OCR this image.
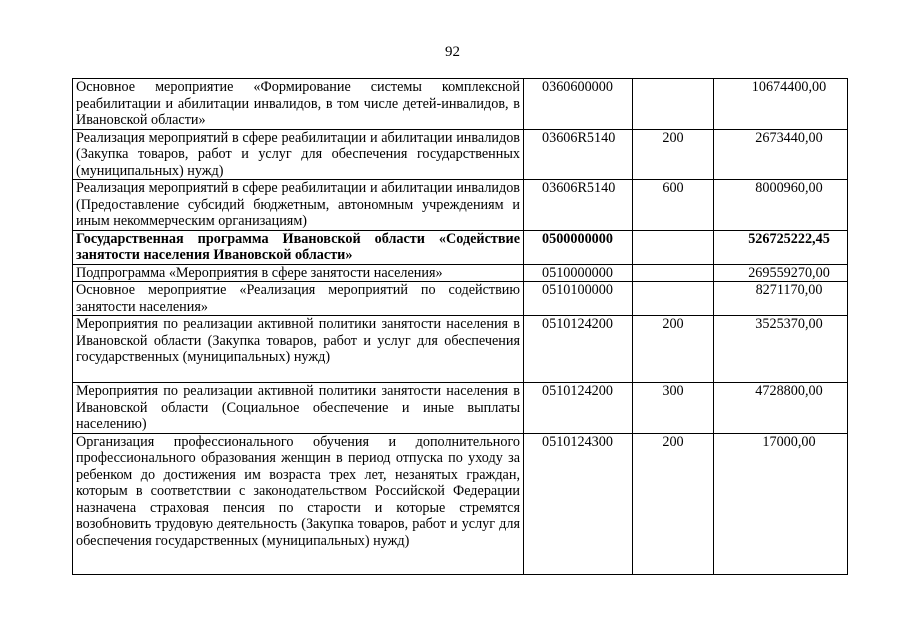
92
Основное мероприятие «Формирование системы комплексной реабилитации и абилитации инвалидов, в том числе детей-инвалидов, в Ивановской области»	0360600000		10674400,00
Реализация мероприятий в сфере реабилитации и абилитации инвалидов (Закупка товаров, работ и услуг для обеспечения государственных (муниципальных) нужд)	03606R5140	200	2673440,00
Реализация мероприятий в сфере реабилитации и абилитации инвалидов (Предоставление субсидий бюджетным, автономным учреждениям и иным некоммерческим организациям)	03606R5140	600	8000960,00
Государственная программа Ивановской области «Содействие занятости населения Ивановской области»	0500000000		526725222,45
Подпрограмма «Мероприятия в сфере занятости населения»	0510000000		269559270,00
Основное мероприятие «Реализация мероприятий по содействию занятости населения»	0510100000		8271170,00
Мероприятия по реализации активной политики занятости населения в Ивановской области (Закупка товаров, работ и услуг для обеспечения государственных (муниципальных) нужд)	0510124200	200	3525370,00
Мероприятия по реализации активной политики занятости населения в Ивановской области (Социальное обеспечение и иные выплаты населению)	0510124200	300	4728800,00
Организация профессионального обучения и дополнительного профессионального образования женщин в период отпуска по уходу за ребенком до достижения им возраста трех лет, незанятых граждан, которым в соответствии с законодательством Российской Федерации назначена страховая пенсия по старости и которые стремятся возобновить трудовую деятельность (Закупка товаров, работ и услуг для обеспечения государственных (муниципальных) нужд)	0510124300	200	17000,00
